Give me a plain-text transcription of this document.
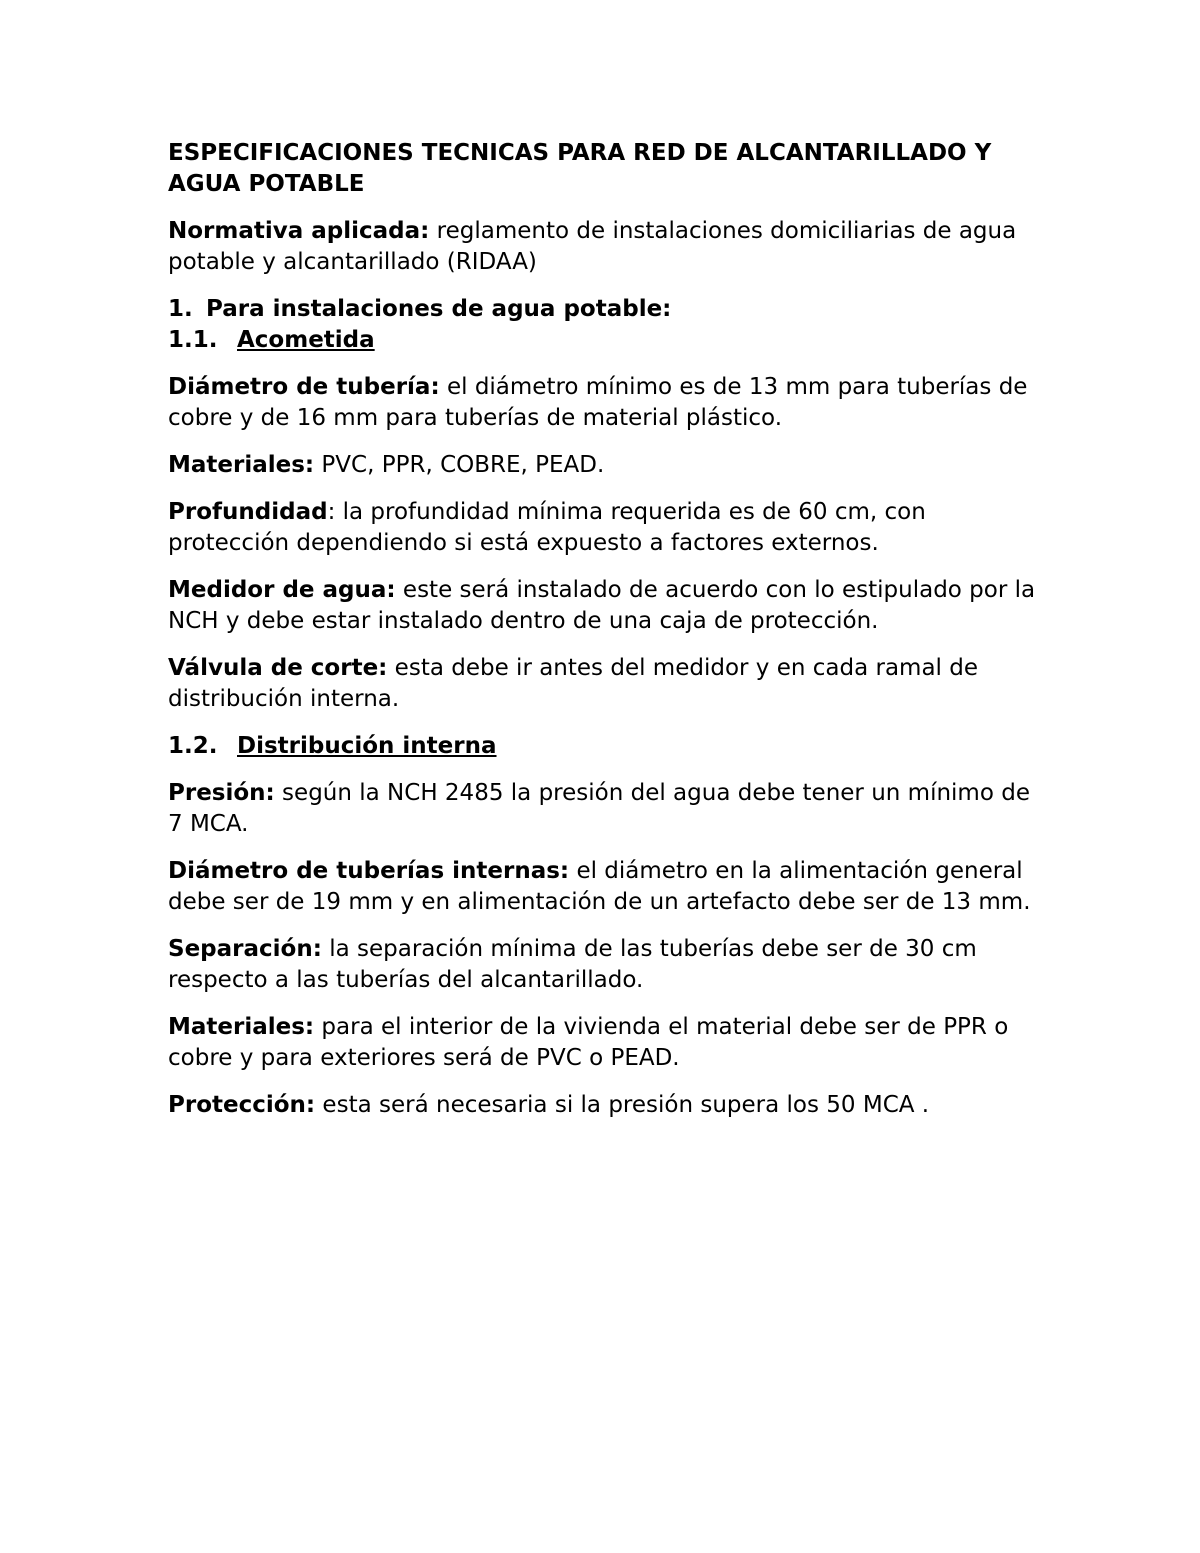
ESPECIFICACIONES TECNICAS PARA RED DE ALCANTARILLADO Y AGUA POTABLE
Normativa aplicada: reglamento de instalaciones domiciliarias de agua potable y alcantarillado (RIDAA)
1. Para instalaciones de agua potable:
1.1. Acometida
Diámetro de tubería: el diámetro mínimo es de 13 mm para tuberías de cobre y de 16 mm para tuberías de material plástico.
Materiales: PVC, PPR, COBRE, PEAD.
Profundidad: la profundidad mínima requerida es de 60 cm, con protección dependiendo si está expuesto a factores externos.
Medidor de agua: este será instalado de acuerdo con lo estipulado por la NCH y debe estar instalado dentro de una caja de protección.
Válvula de corte: esta debe ir antes del medidor y en cada ramal de distribución interna.
1.2. Distribución interna
Presión: según la NCH 2485 la presión del agua debe tener un mínimo de 7 MCA.
Diámetro de tuberías internas: el diámetro en la alimentación general debe ser de 19 mm y en alimentación de un artefacto debe ser de 13 mm.
Separación: la separación mínima de las tuberías debe ser de 30 cm respecto a las tuberías del alcantarillado.
Materiales: para el interior de la vivienda el material debe ser de PPR o cobre y para exteriores será de PVC o PEAD.
Protección: esta será necesaria si la presión supera los 50 MCA .
